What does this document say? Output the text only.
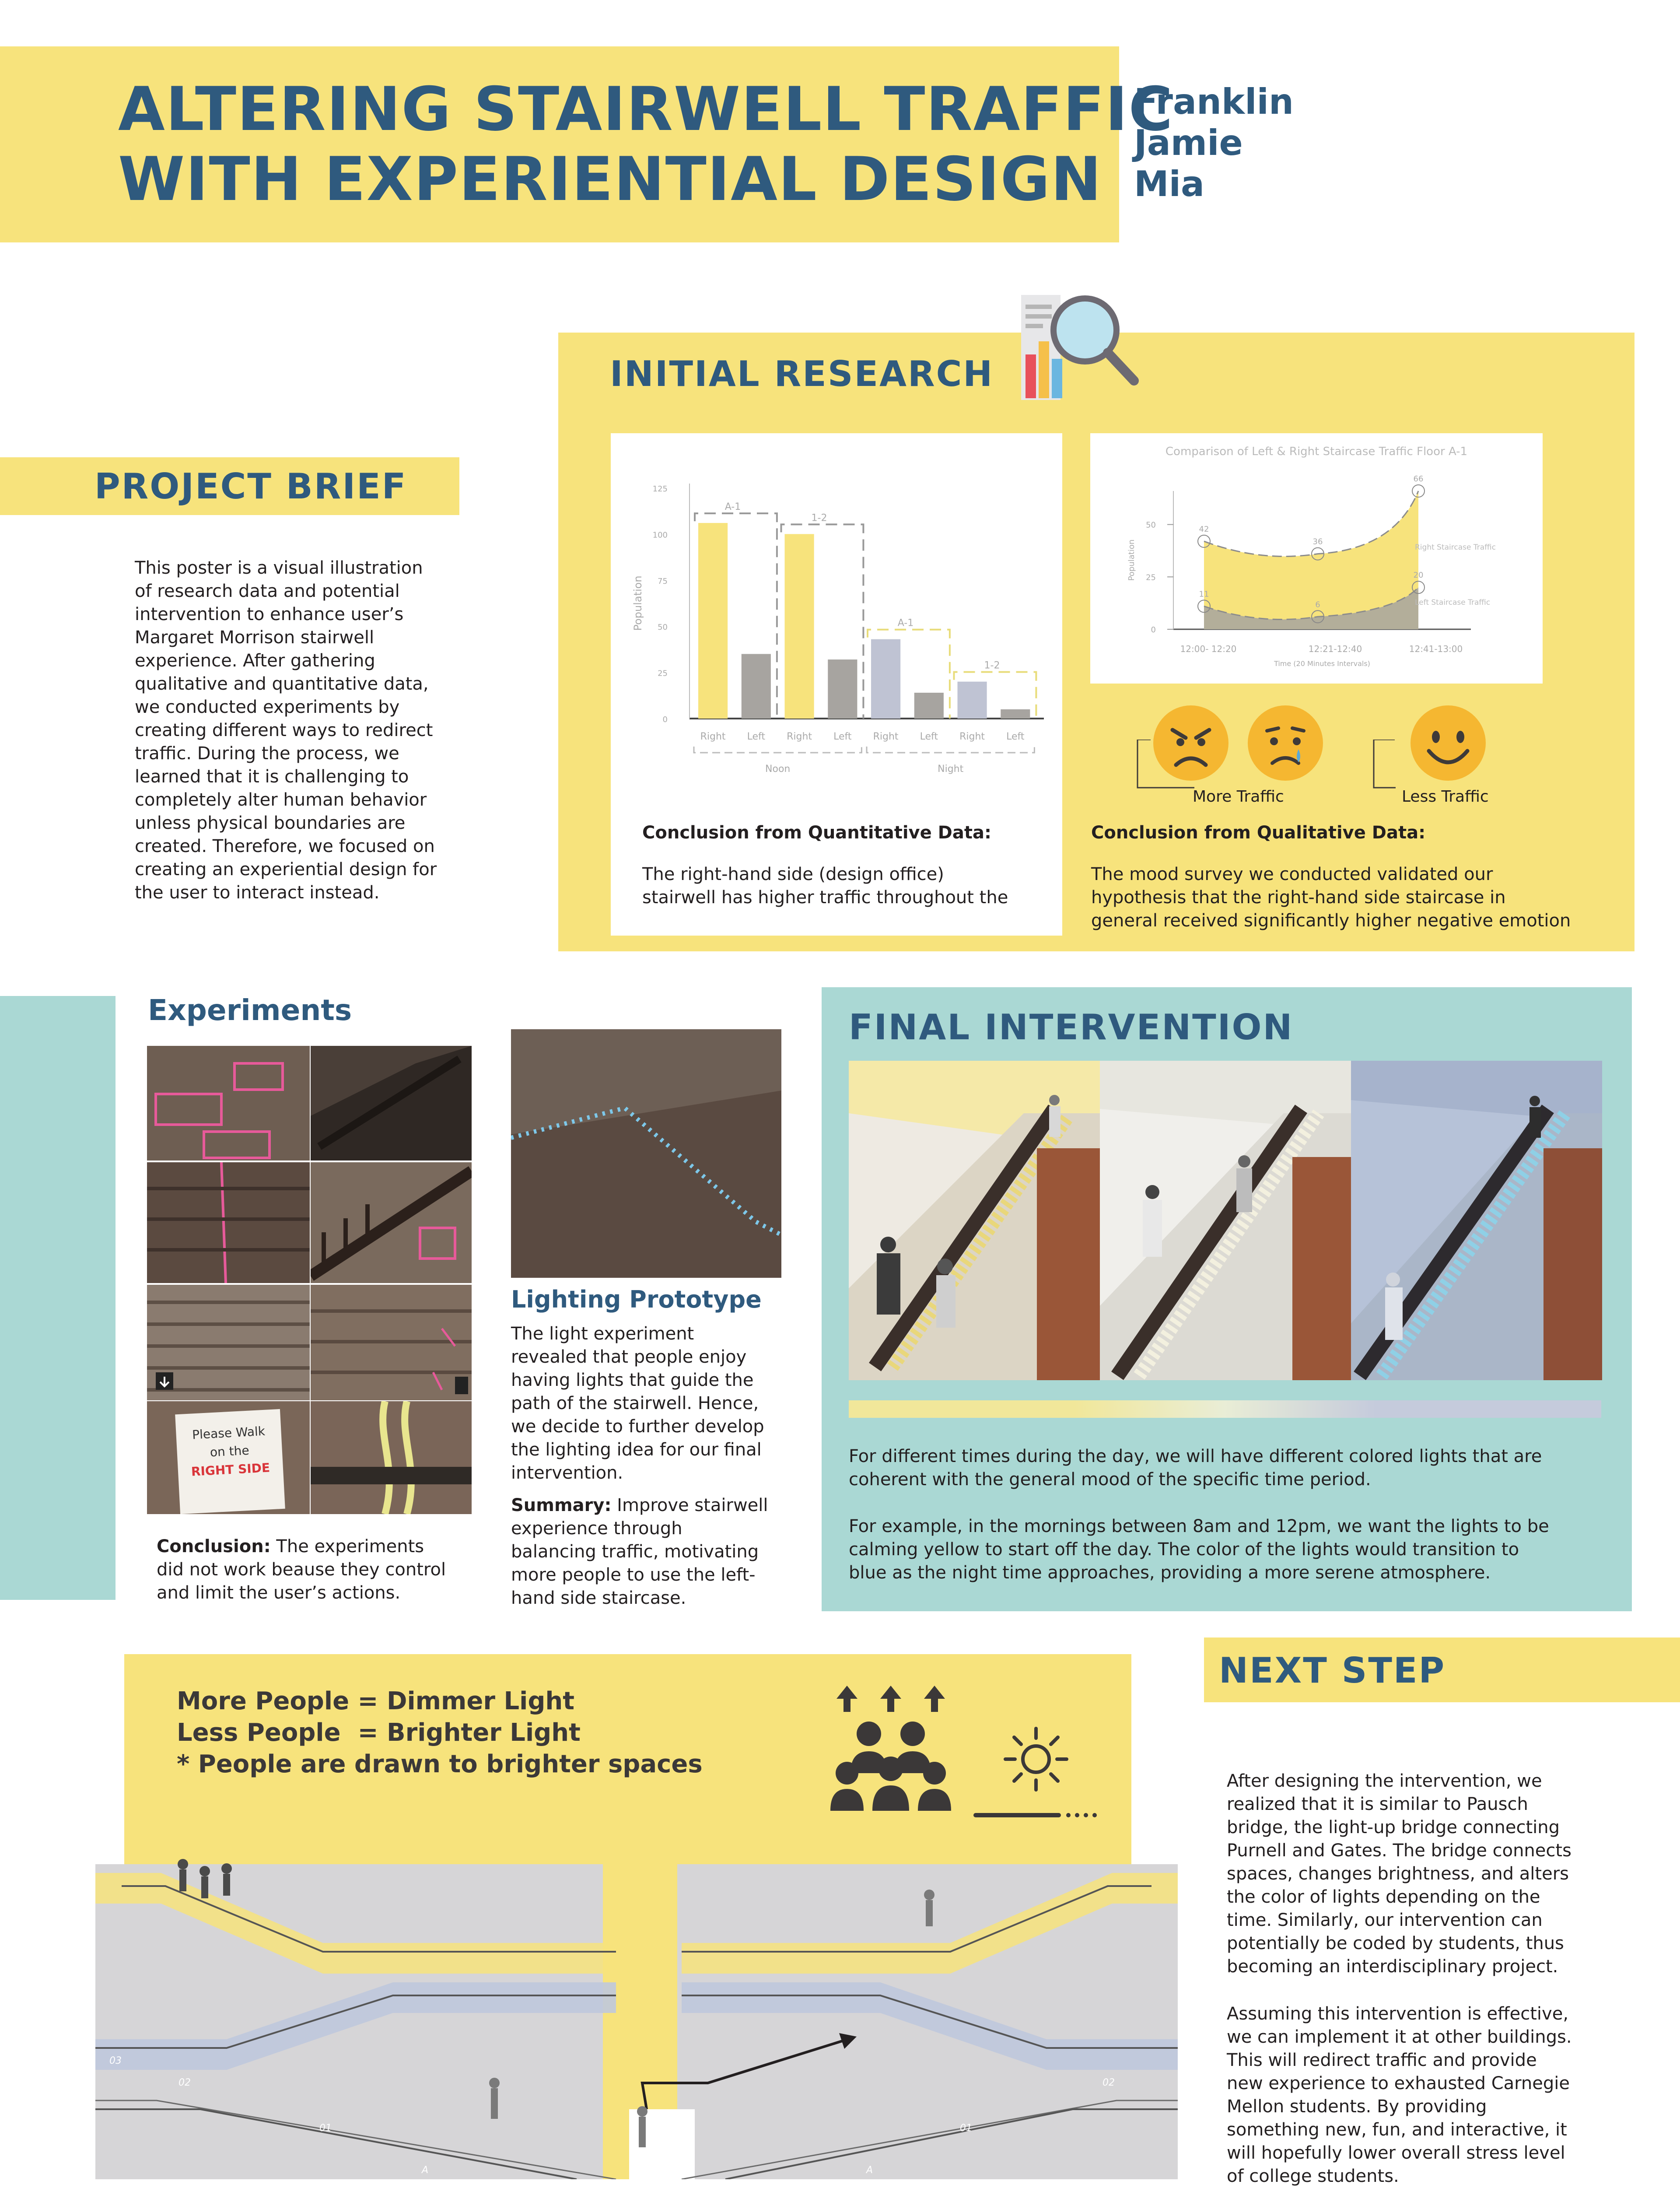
ALTERING STAIRWELL TRAFFIC
WITH EXPERIENTIAL DESIGN
Franklin
Jamie
Mia
PROJECT BRIEF
This poster is a visual illustration
of research data and potential
intervention to enhance user’s
Margaret Morrison stairwell
experience. After gathering
qualitative and quantitative data,
we conducted experiments by
creating different ways to redirect
traffic. During the process, we
learned that it is challenging to
completely alter human behavior
unless physical boundaries are
created. Therefore, we focused on
creating an experiential design for
the user to interact instead.
INITIAL RESEARCH
125
100
75
50
25
0
Population
Right Left Right Left Right Left Right Left
A-1
1-2
A-1
1-2
Noon	Night
Conclusion from Quantitative Data:
The right-hand side (design office)
stairwell has higher traffic throughout the
Comparison of Left & Right Staircase Traffic Floor A-1
50
25
0
Population
42
36
66
11
6
20
Right Staircase Traffic
Left Staircase Traffic
12:00- 12:20	12:21-12:40	12:41-13:00
Time (20 Minutes Intervals)
More Traffic	Less Traffic
Conclusion from Qualitative Data:
The mood survey we conducted validated our
hypothesis that the right-hand side staircase in
general received significantly higher negative emotion
Experiments
Please Walk
on the
RIGHT SIDE
Conclusion: The experiments
did not work beause they control
and limit the user’s actions.
Lighting Prototype
The light experiment
revealed that people enjoy
having lights that guide the
path of the stairwell. Hence,
we decide to further develop
the lighting idea for our final
intervention.
Summary: Improve stairwell
experience through
balancing traffic, motivating
more people to use the left-
hand side staircase.
FINAL INTERVENTION
For different times during the day, we will have different colored lights that are
coherent with the general mood of the specific time period.
For example, in the mornings between 8am and 12pm, we want the lights to be
calming yellow to start off the day. The color of the lights would transition to
blue as the night time approaches, providing a more serene atmosphere.
More People = Dimmer Light
Less People  = Brighter Light
* People are drawn to brighter spaces
03
02
01
A	A
01
02
NEXT STEP
After designing the intervention, we
realized that it is similar to Pausch
bridge, the light-up bridge connecting
Purnell and Gates. The bridge connects
spaces, changes brightness, and alters
the color of lights depending on the
time. Similarly, our intervention can
potentially be coded by students, thus
becoming an interdisciplinary project.
Assuming this intervention is effective,
we can implement it at other buildings.
This will redirect traffic and provide
new experience to exhausted Carnegie
Mellon students. By providing
something new, fun, and interactive, it
will hopefully lower overall stress level
of college students.
